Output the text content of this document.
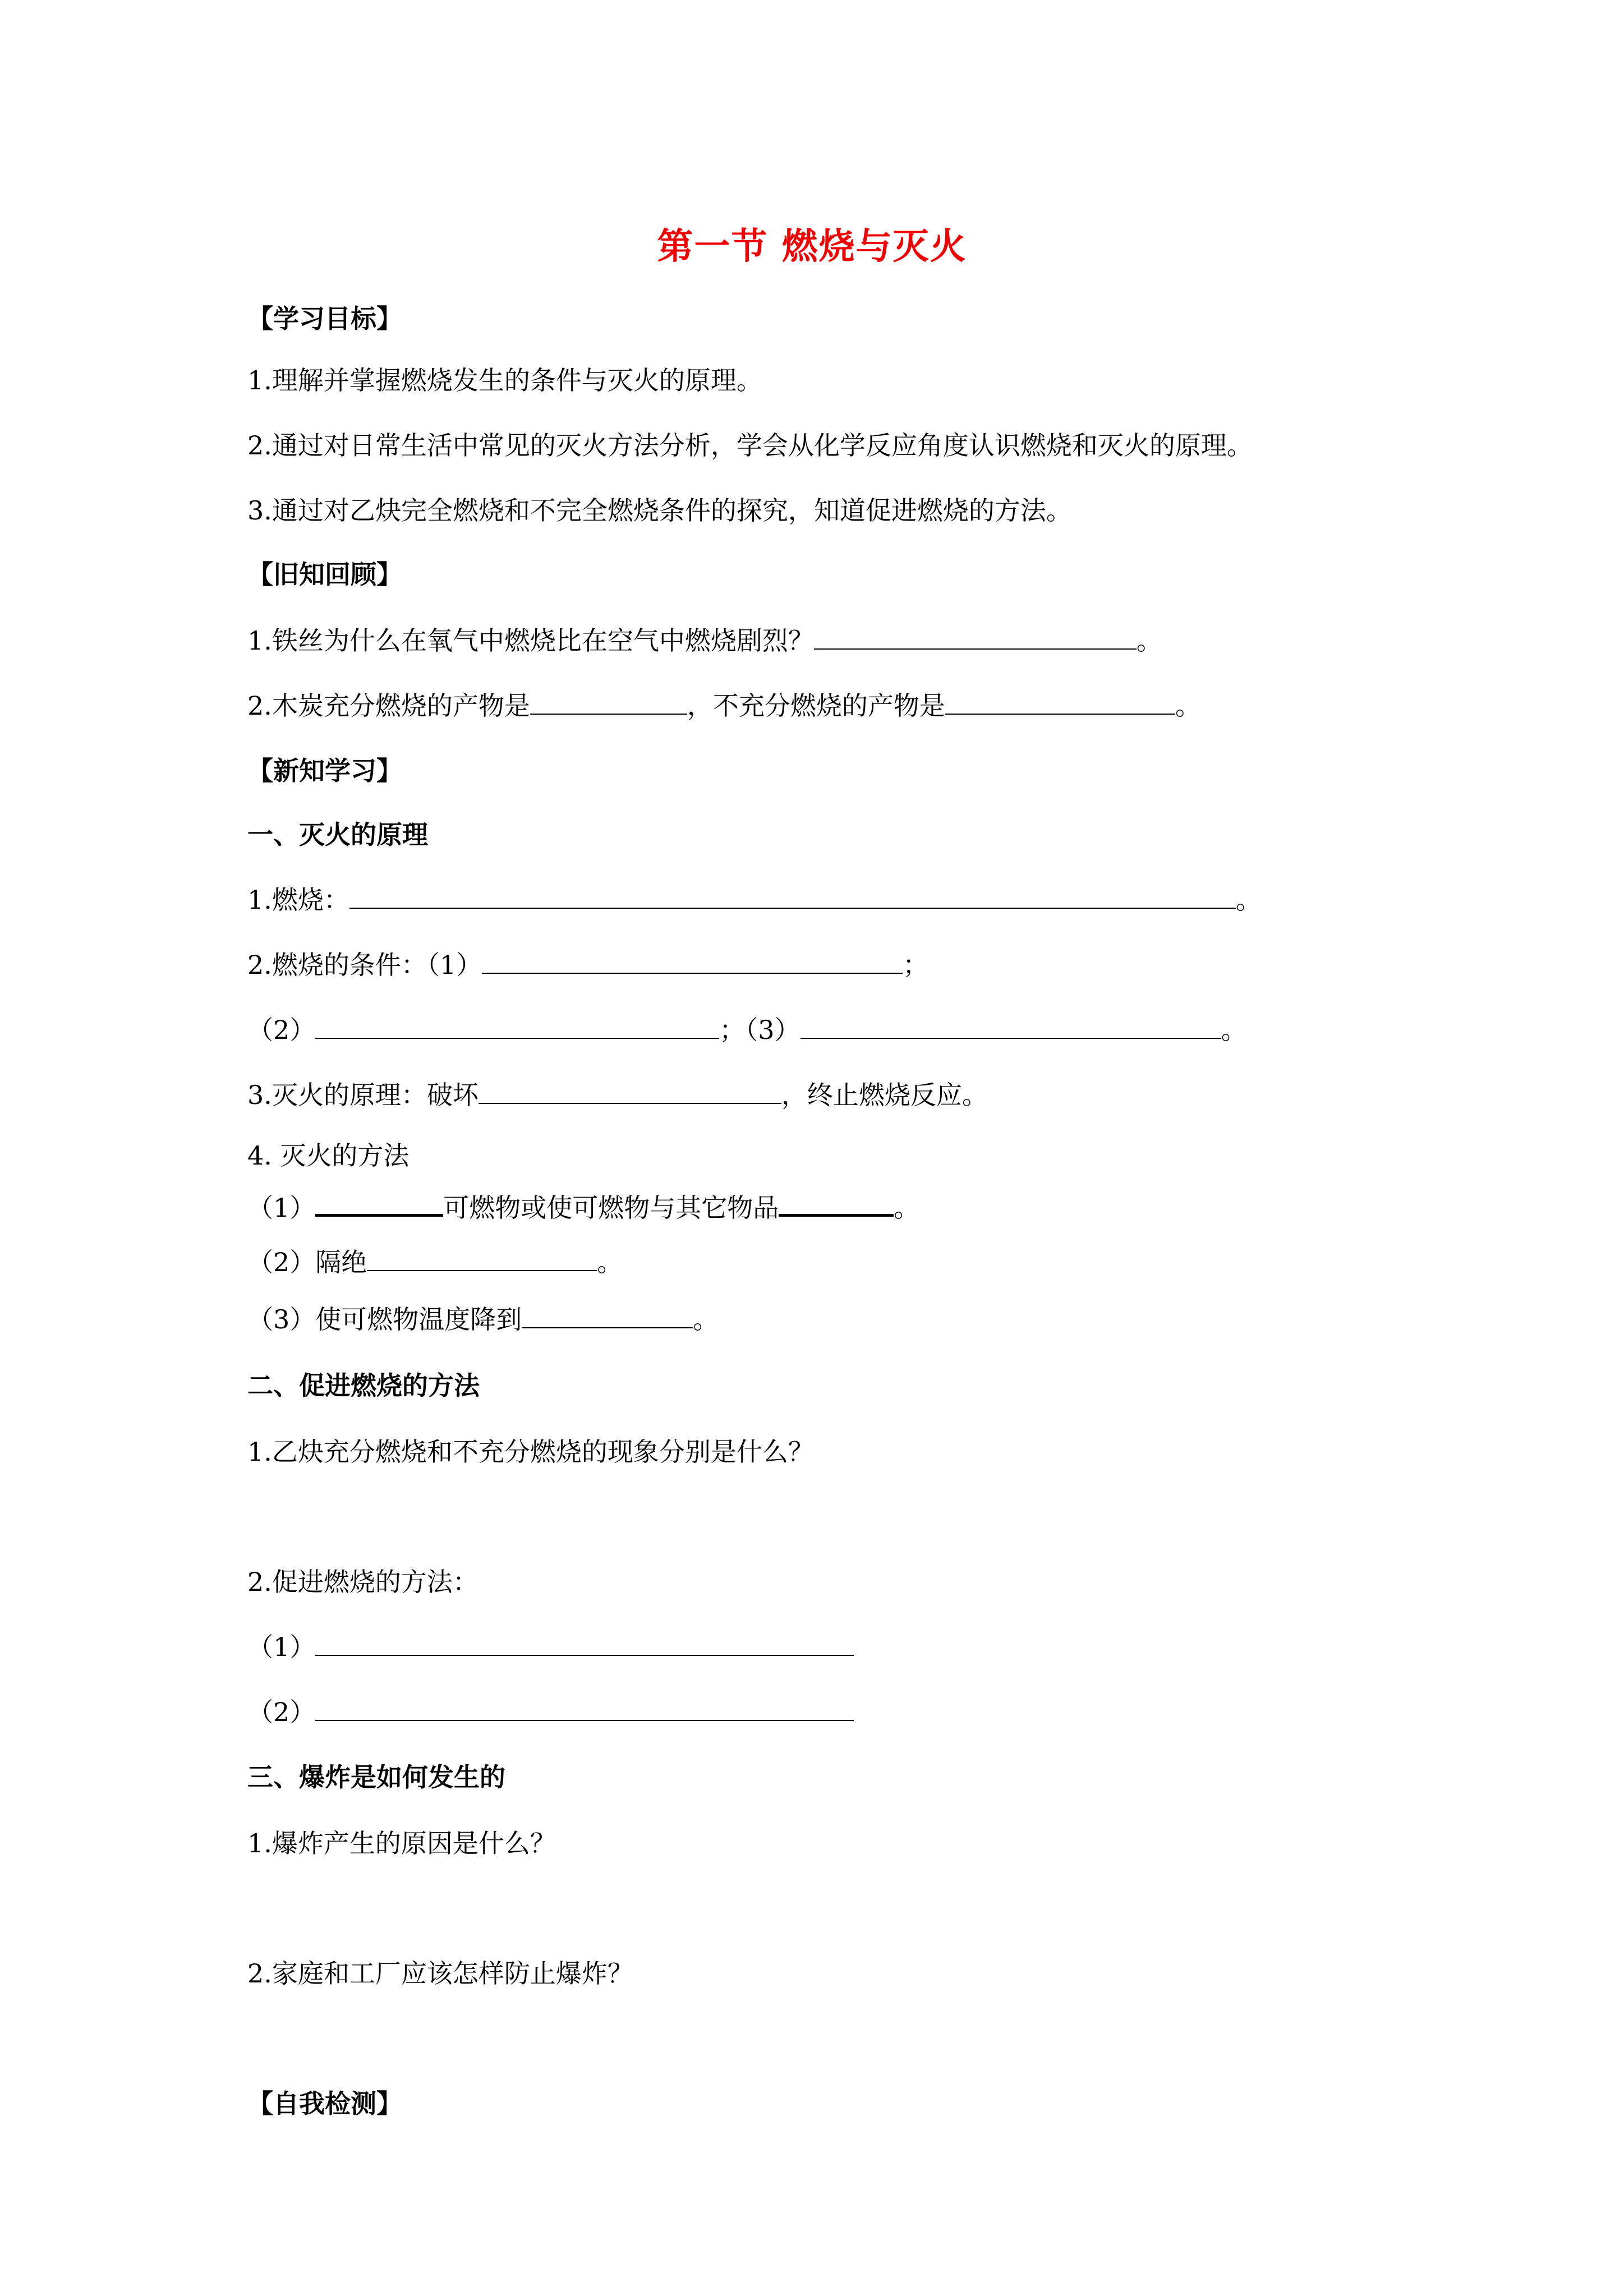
第一节 燃烧与灭火
【学习目标】
1.理解并掌握燃烧发生的条件与灭火的原理。
2.通过对日常生活中常见的灭火方法分析，学会从化学反应角度认识燃烧和灭火的原理。
3.通过对乙炔完全燃烧和不完全燃烧条件的探究，知道促进燃烧的方法。
【旧知回顾】
1.铁丝为什么在氧气中燃烧比在空气中燃烧剧烈？	。
2.木炭充分燃烧的产物是	，不充分燃烧的产物是	。
【新知学习】
一、灭火的原理
1.燃烧：	。
2.燃烧的条件：（1）	；
（2）	；（3）	。
3.灭火的原理：破坏	，终止燃烧反应。
4. 灭火的方法
（1）	可燃物或使可燃物与其它物品	。
（2）隔绝	。
（3）使可燃物温度降到	。
二、促进燃烧的方法
1.乙炔充分燃烧和不充分燃烧的现象分别是什么？
2.促进燃烧的方法：
（1）
（2）
三、爆炸是如何发生的
1.爆炸产生的原因是什么？
2.家庭和工厂应该怎样防止爆炸？
【自我检测】
